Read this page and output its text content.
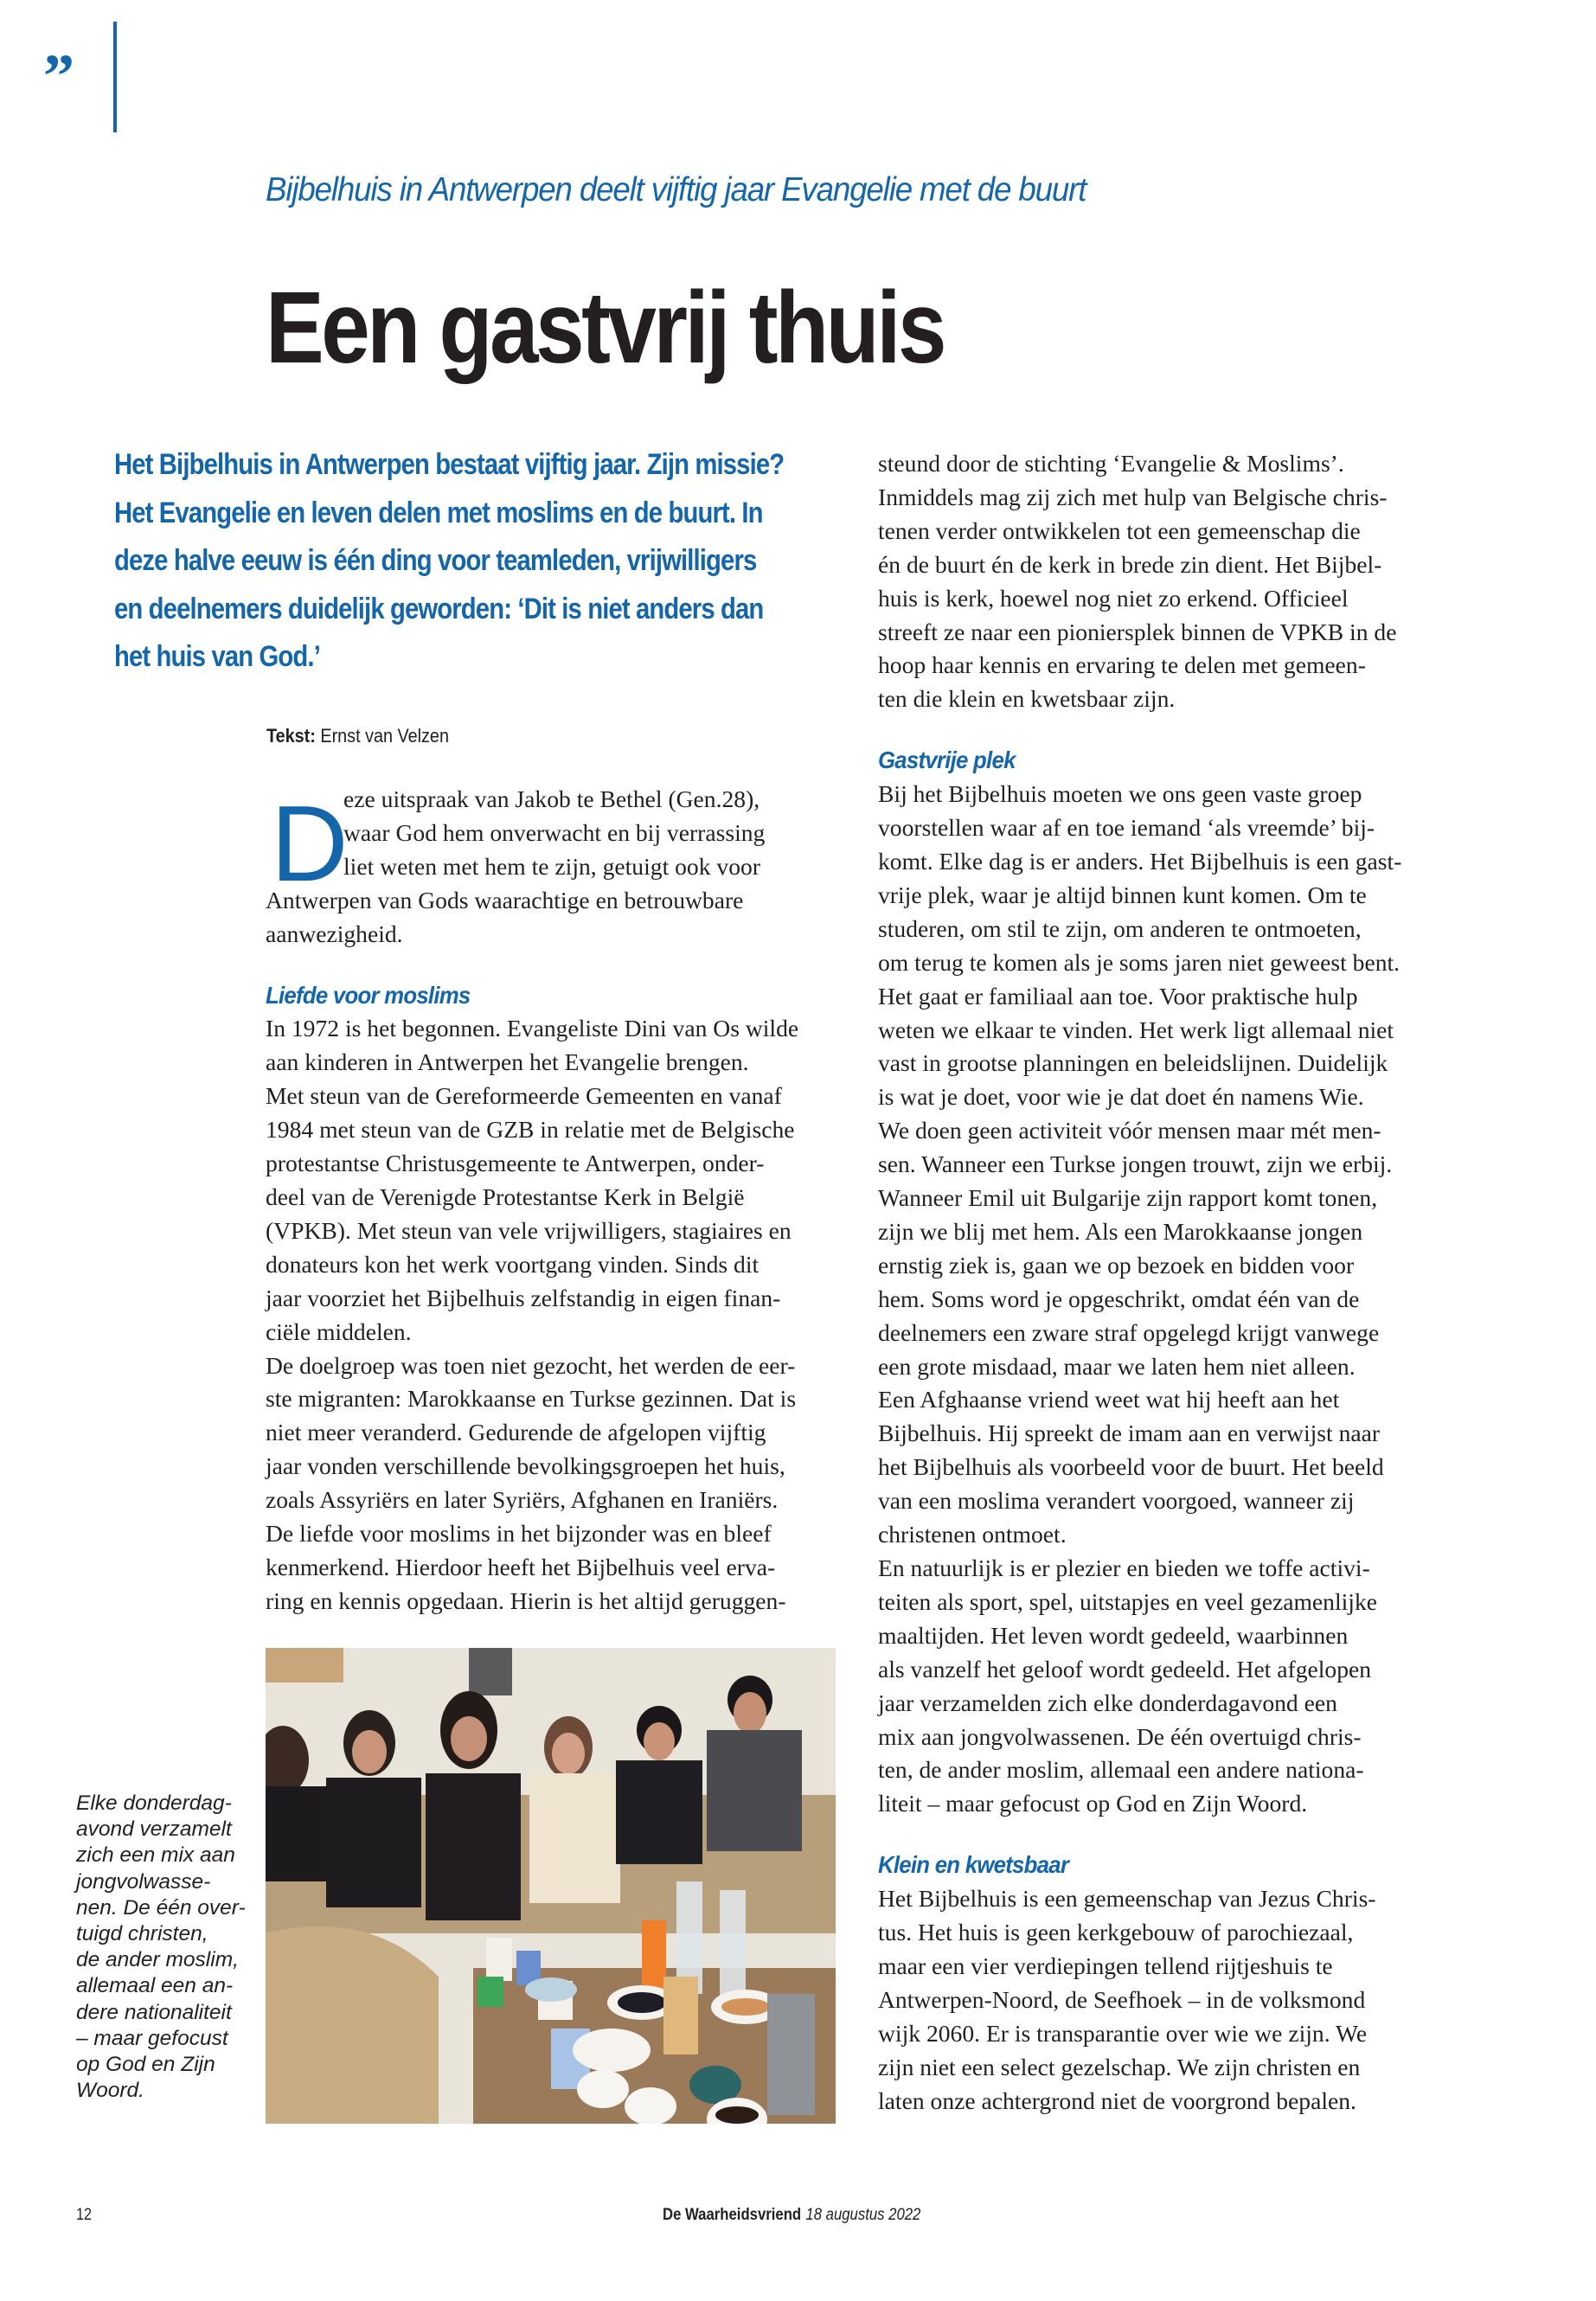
”
Bijbelhuis in Antwerpen deelt vijftig jaar Evangelie met de buurt
Een gastvrij thuis
Het Bijbelhuis in Antwerpen bestaat vijftig jaar. Zijn missie?
Het Evangelie en leven delen met moslims en de buurt. In
deze halve eeuw is één ding voor teamleden, vrijwilligers
en deelnemers duidelijk geworden: ‘Dit is niet anders dan
het huis van God.’
Tekst: Ernst van Velzen
D
eze uitspraak van Jakob te Bethel (Gen.28),
waar God hem onverwacht en bij verrassing
liet weten met hem te zijn, getuigt ook voor
Antwerpen van Gods waarachtige en betrouwbare
aanwezigheid.
Liefde voor moslims
In 1972 is het begonnen. Evangeliste Dini van Os wilde
aan kinderen in Antwerpen het Evangelie brengen.
Met steun van de Gereformeerde Gemeenten en vanaf
1984 met steun van de GZB in relatie met de Belgische
protestantse Christusgemeente te Antwerpen, onder-
deel van de Verenigde Protestantse Kerk in België
(VPKB). Met steun van vele vrijwilligers, stagiaires en
donateurs kon het werk voortgang vinden. Sinds dit
jaar voorziet het Bijbelhuis zelfstandig in eigen finan-
ciële middelen.
De doelgroep was toen niet gezocht, het werden de eer-
ste migranten: Marokkaanse en Turkse gezinnen. Dat is
niet meer veranderd. Gedurende de afgelopen vijftig
jaar vonden verschillende bevolkingsgroepen het huis,
zoals Assyriërs en later Syriërs, Afghanen en Iraniërs.
De liefde voor moslims in het bijzonder was en bleef
kenmerkend. Hierdoor heeft het Bijbelhuis veel erva-
ring en kennis opgedaan. Hierin is het altijd geruggen-
steund door de stichting ‘Evangelie & Moslims’.
Inmiddels mag zij zich met hulp van Belgische chris-
tenen verder ontwikkelen tot een gemeenschap die
én de buurt én de kerk in brede zin dient. Het Bijbel-
huis is kerk, hoewel nog niet zo erkend. Officieel
streeft ze naar een pioniersplek binnen de VPKB in de
hoop haar kennis en ervaring te delen met gemeen-
ten die klein en kwetsbaar zijn.
Gastvrije plek
Bij het Bijbelhuis moeten we ons geen vaste groep
voorstellen waar af en toe iemand ‘als vreemde’ bij-
komt. Elke dag is er anders. Het Bijbelhuis is een gast-
vrije plek, waar je altijd binnen kunt komen. Om te
studeren, om stil te zijn, om anderen te ontmoeten,
om terug te komen als je soms jaren niet geweest bent.
Het gaat er familiaal aan toe. Voor praktische hulp
weten we elkaar te vinden. Het werk ligt allemaal niet
vast in grootse planningen en beleidslijnen. Duidelijk
is wat je doet, voor wie je dat doet én namens Wie.
We doen geen activiteit vóór mensen maar mét men-
sen. Wanneer een Turkse jongen trouwt, zijn we erbij.
Wanneer Emil uit Bulgarije zijn rapport komt tonen,
zijn we blij met hem. Als een Marokkaanse jongen
ernstig ziek is, gaan we op bezoek en bidden voor
hem. Soms word je opgeschrikt, omdat één van de
deelnemers een zware straf opgelegd krijgt vanwege
een grote misdaad, maar we laten hem niet alleen.
Een Afghaanse vriend weet wat hij heeft aan het
Bijbelhuis. Hij spreekt de imam aan en verwijst naar
het Bijbelhuis als voorbeeld voor de buurt. Het beeld
van een moslima verandert voorgoed, wanneer zij
christenen ontmoet.
En natuurlijk is er plezier en bieden we toffe activi-
teiten als sport, spel, uitstapjes en veel gezamenlijke
maaltijden. Het leven wordt gedeeld, waarbinnen
als vanzelf het geloof wordt gedeeld. Het afgelopen
jaar verzamelden zich elke donderdagavond een
mix aan jongvolwassenen. De één overtuigd chris-
ten, de ander moslim, allemaal een andere nationa-
liteit – maar gefocust op God en Zijn Woord.
Klein en kwetsbaar
Het Bijbelhuis is een gemeenschap van Jezus Chris-
tus. Het huis is geen kerkgebouw of parochiezaal,
maar een vier verdiepingen tellend rijtjeshuis te
Antwerpen-Noord, de Seefhoek – in de volksmond
wijk 2060. Er is transparantie over wie we zijn. We
zijn niet een select gezelschap. We zijn christen en
laten onze achtergrond niet de voorgrond bepalen.
Elke donderdag-
avond verzamelt
zich een mix aan
jongvolwasse-
nen. De één over-
tuigd christen,
de ander moslim,
allemaal een an-
dere nationaliteit
– maar gefocust
op God en Zijn
Woord.
12	De Waarheidsvriend 18 augustus 2022
